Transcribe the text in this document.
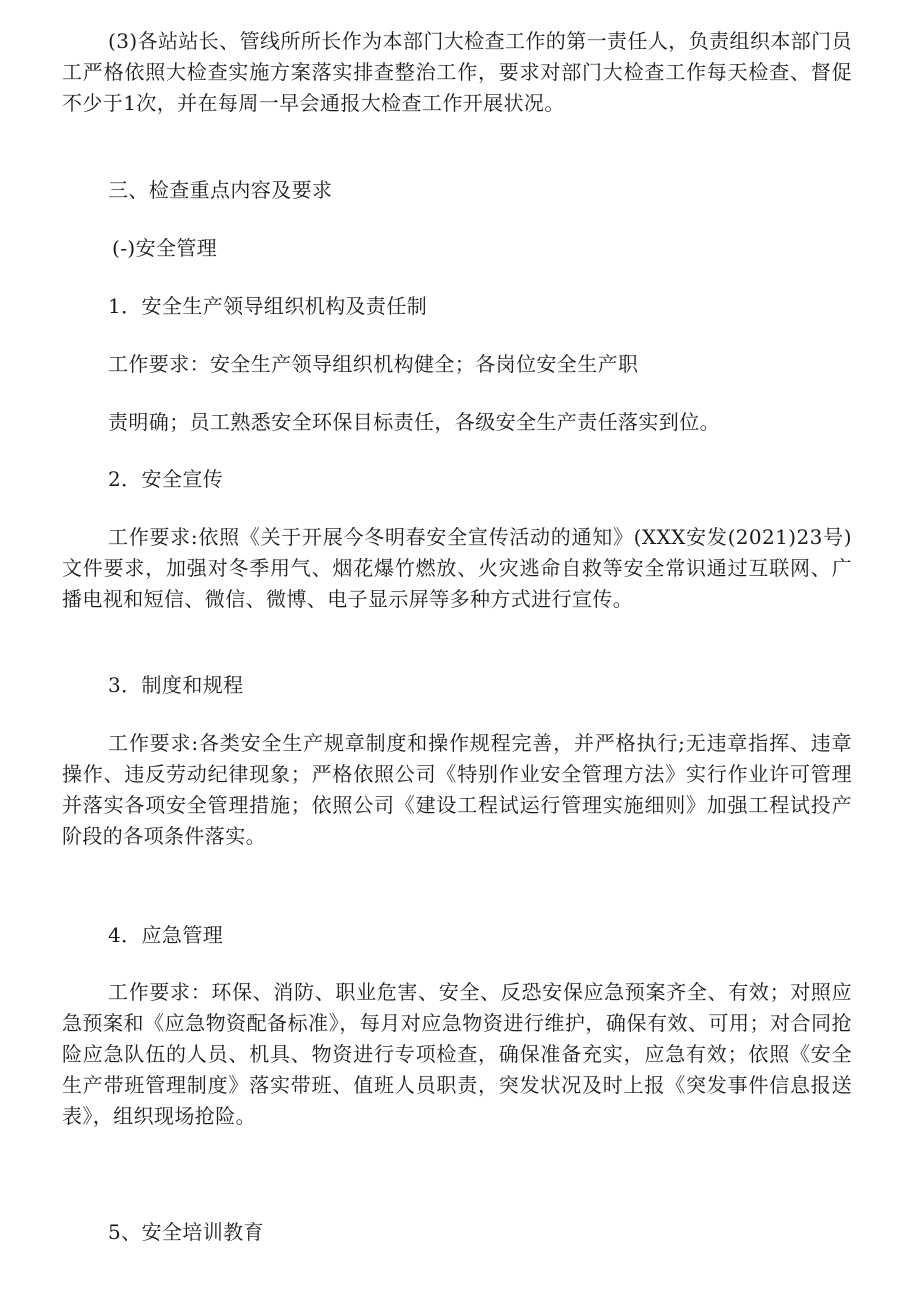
(3)各站站长、管线所所长作为本部门大检查工作的第一责任人，负责组织本部门员工严格依照大检查实施方案落实排查整治工作，要求对部门大检查工作每天检查、督促不少于1次，并在每周一早会通报大检查工作开展状况。

三、检查重点内容及要求

(-)安全管理

1．安全生产领导组织机构及责任制

工作要求：安全生产领导组织机构健全；各岗位安全生产职

责明确；员工熟悉安全环保目标责任，各级安全生产责任落实到位。

2．安全宣传

工作要求:依照《关于开展今冬明春安全宣传活动的通知》(XXX安发(2021)23号)文件要求，加强对冬季用气、烟花爆竹燃放、火灾逃命自救等安全常识通过互联网、广播电视和短信、微信、微博、电子显示屏等多种方式进行宣传。

3．制度和规程

工作要求:各类安全生产规章制度和操作规程完善，并严格执行;无违章指挥、违章操作、违反劳动纪律现象；严格依照公司《特别作业安全管理方法》实行作业许可管理并落实各项安全管理措施；依照公司《建设工程试运行管理实施细则》加强工程试投产阶段的各项条件落实。

4．应急管理

工作要求：环保、消防、职业危害、安全、反恐安保应急预案齐全、有效；对照应急预案和《应急物资配备标准》，每月对应急物资进行维护，确保有效、可用；对合同抢险应急队伍的人员、机具、物资进行专项检查，确保准备充实，应急有效；依照《安全生产带班管理制度》落实带班、值班人员职责，突发状况及时上报《突发事件信息报送表》，组织现场抢险。

5、安全培训教育
